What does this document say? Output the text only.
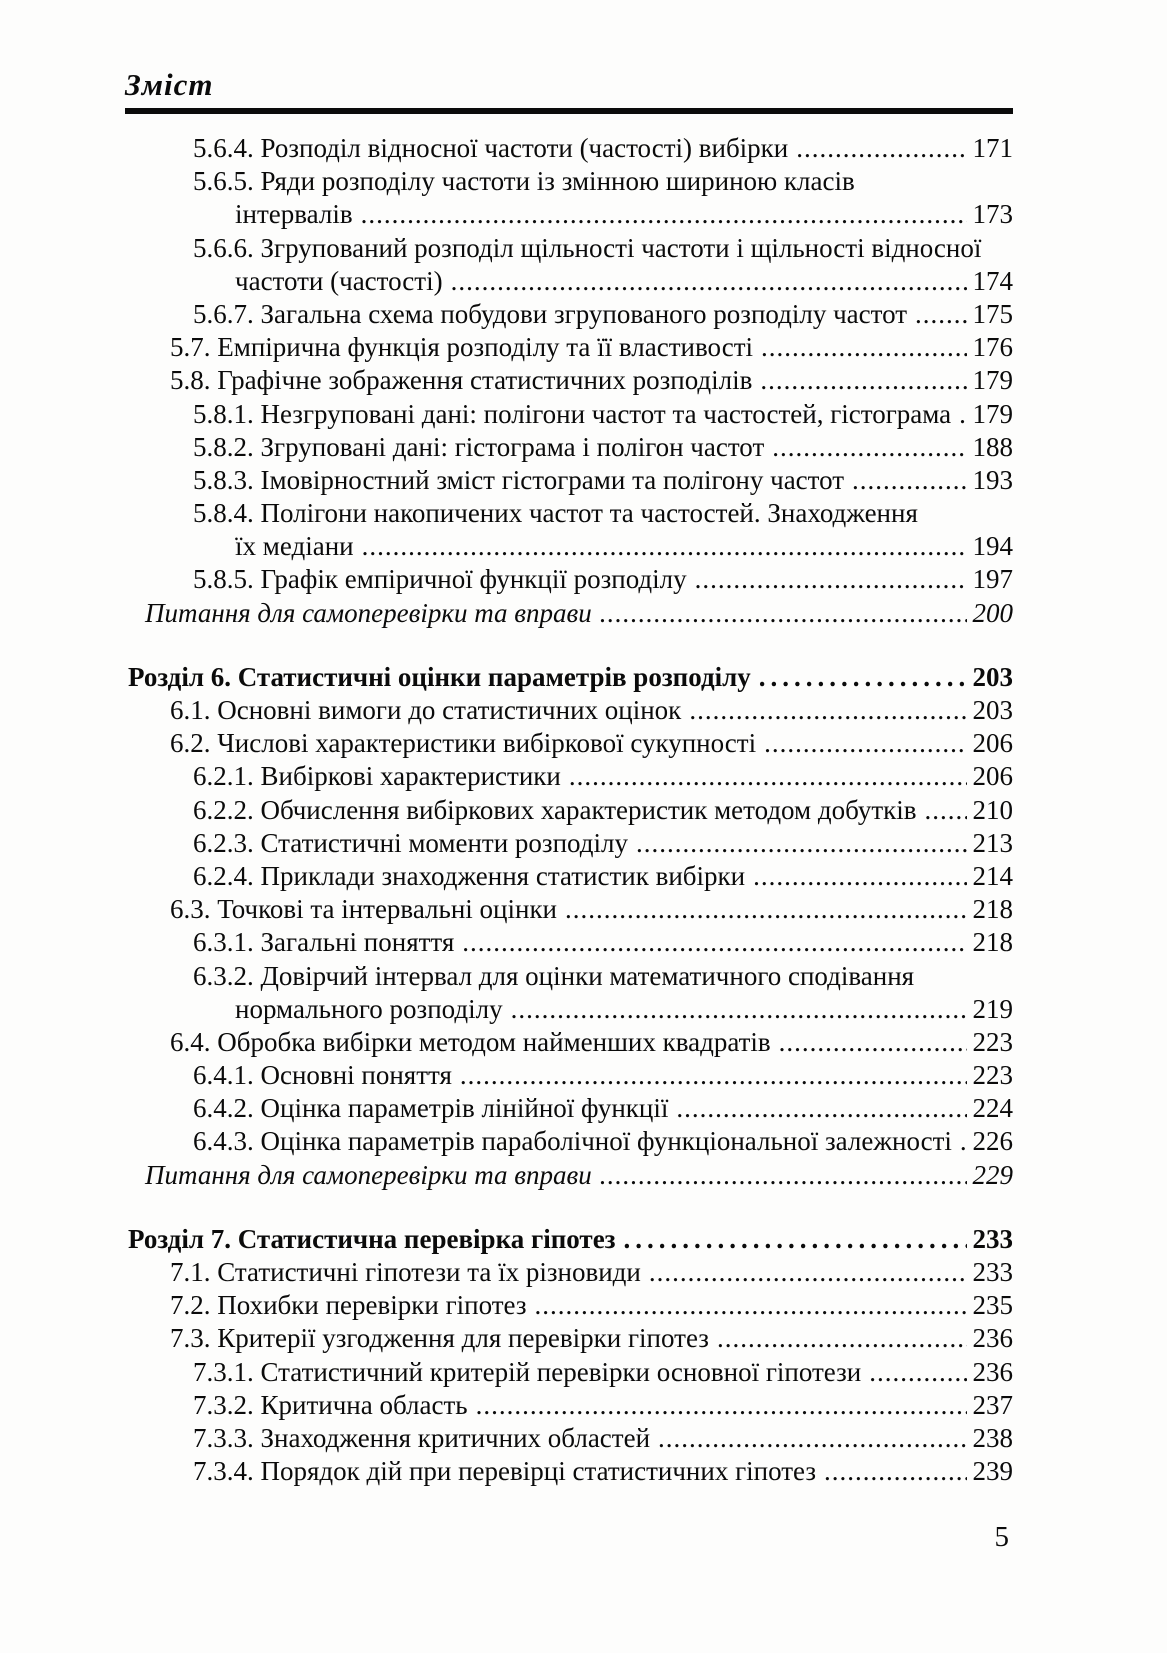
Зміст
5.6.4. Розподіл відносної частоти (частості) вибірки .....	171
5.6.5. Ряди розподілу частоти із змінною шириною класів
інтервалів .....	173
5.6.6. Згрупований розподіл щільності частоти і щільності відносної
частоти (частості) .....	174
5.6.7. Загальна схема побудови згрупованого розподілу частот ..... 175
5.7. Емпірична функція розподілу та її властивості .....	176
5.8. Графічне зображення статистичних розподілів .....	179
5.8.1. Незгруповані дані: полігони частот та частостей, гістограма ..... 179
5.8.2. Згруповані дані: гістограма і полігон частот .....	188
5.8.3. Імовірностний зміст гістограми та полігону частот .....	193
5.8.4. Полігони накопичених частот та частостей. Знаходження
їх медіани .....	194
5.8.5. Графік емпіричної функції розподілу .....	197
Питання для самоперевірки та вправи .....	200
Розділ 6. Статистичні оцінки параметрів розподілу .....	203
6.1. Основні вимоги до статистичних оцінок .....	203
6.2. Числові характеристики вибіркової сукупності .....	206
6.2.1. Вибіркові характеристики .....	206
6.2.2. Обчислення вибіркових характеристик методом добутків ..... 210
6.2.3. Статистичні моменти розподілу .....	213
6.2.4. Приклади знаходження статистик вибірки .....	214
6.3. Точкові та інтервальні оцінки .....	218
6.3.1. Загальні поняття .....	218
6.3.2. Довірчий інтервал для оцінки математичного сподівання
нормального розподілу .....	219
6.4. Обробка вибірки методом найменших квадратів .....	223
6.4.1. Основні поняття .....	223
6.4.2. Оцінка параметрів лінійної функції .....	224
6.4.3. Оцінка параметрів параболічної функціональної залежності ..... 226
Питання для самоперевірки та вправи .....	229
Розділ 7. Статистична перевірка гіпотез .....	233
7.1. Статистичні гіпотези та їх різновиди .....	233
7.2. Похибки перевірки гіпотез .....	235
7.3. Критерії узгодження для перевірки гіпотез .....	236
7.3.1. Статистичний критерій перевірки основної гіпотези .....	236
7.3.2. Критична область .....	237
7.3.3. Знаходження критичних областей .....	238
7.3.4. Порядок дій при перевірці статистичних гіпотез .....	239
5
